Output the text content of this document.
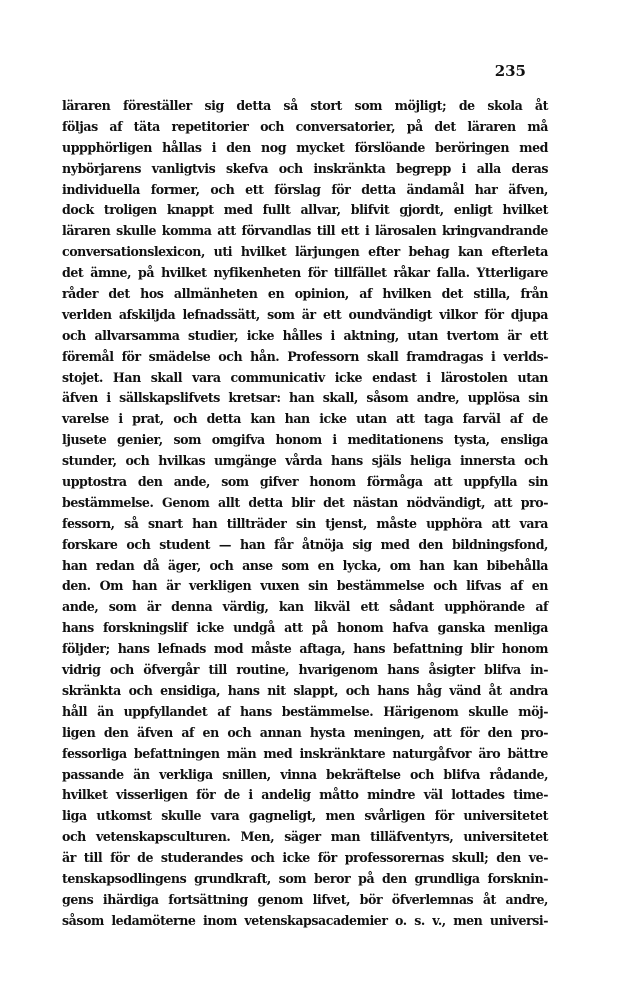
235
läraren föreställer sig detta så stort som möjligt; de skola åt
följas af täta repetitorier och conversatorier, på det läraren må
uppphörligen hållas i den nog mycket förslöande beröringen med
nybörjarens vanligtvis skefva och inskränkta begrepp i alla deras
individuella former, och ett förslag för detta ändamål har äfven,
dock troligen knappt med fullt allvar, blifvit gjordt, enligt hvilket
läraren skulle komma att förvandlas till ett i lärosalen kringvandrande
conversationslexicon, uti hvilket lärjungen efter behag kan efterleta
det ämne, på hvilket nyfikenheten för tillfället råkar falla. Ytterligare
råder det hos allmänheten en opinion, af hvilken det stilla, från
verlden afskiljda lefnadssätt, som är ett oundvändigt vilkor för djupa
och allvarsamma studier, icke hålles i aktning, utan tvertom är ett
föremål för smädelse och hån. Professorn skall framdragas i verlds-
stojet. Han skall vara communicativ icke endast i lärostolen utan
äfven i sällskapslifvets kretsar: han skall, såsom andre, upplösa sin
varelse i prat, och detta kan han icke utan att taga farväl af de
ljusete genier, som omgifva honom i meditationens tysta, ensliga
stunder, och hvilkas umgänge vårda hans själs heliga innersta och
upptostra den ande, som gifver honom förmåga att uppfylla sin
bestämmelse. Genom allt detta blir det nästan nödvändigt, att pro-
fessorn, så snart han tillträder sin tjenst, måste upphöra att vara
forskare och student — han får åtnöja sig med den bildningsfond,
han redan då äger, och anse som en lycka, om han kan bibehålla
den. Om han är verkligen vuxen sin bestämmelse och lifvas af en
ande, som är denna värdig, kan likväl ett sådant upphörande af
hans forskningslif icke undgå att på honom hafva ganska menliga
följder; hans lefnads mod måste aftaga, hans befattning blir honom
vidrig och öfvergår till routine, hvarigenom hans åsigter blifva in-
skränkta och ensidiga, hans nit slappt, och hans håg vänd åt andra
håll än uppfyllandet af hans bestämmelse. Härigenom skulle möj-
ligen den äfven af en och annan hysta meningen, att för den pro-
fessorliga befattningen män med inskränktare naturgåfvor äro bättre
passande än verkliga snillen, vinna bekräftelse och blifva rådande,
hvilket visserligen för de i andelig måtto mindre väl lottades time-
liga utkomst skulle vara gagneligt, men svårligen för universitetet
och vetenskapsculturen. Men, säger man tilläfventyrs, universitetet
är till för de studerandes och icke för professorernas skull; den ve-
tenskapsodlingens grundkraft, som beror på den grundliga forsknin-
gens ihärdiga fortsättning genom lifvet, bör öfverlemnas åt andre,
såsom ledamöterne inom vetenskapsacademier o. s. v., men universi-
